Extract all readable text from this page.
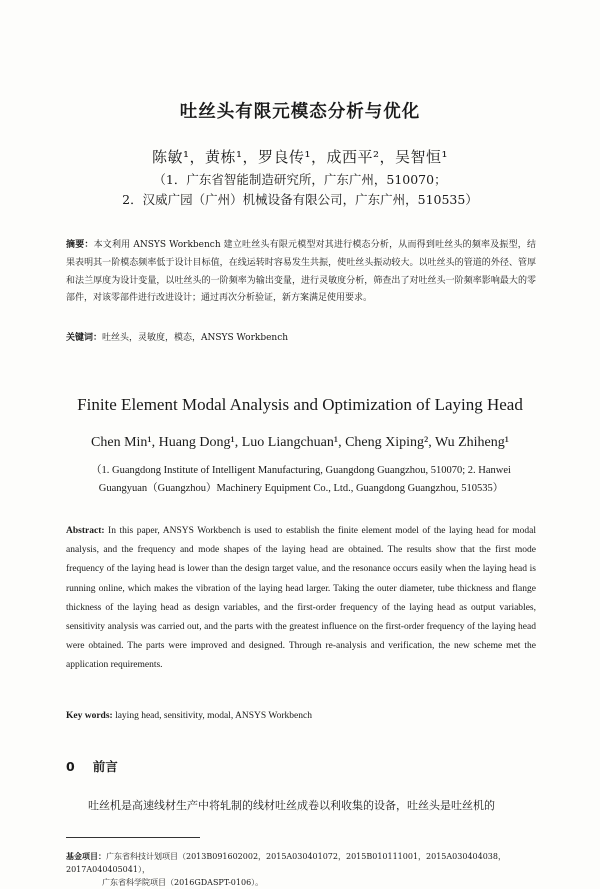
吐丝头有限元模态分析与优化
陈敏¹，黄栋¹，罗良传¹，成西平²，吴智恒¹
（1．广东省智能制造研究所，广东广州，510070；
2．汉威广园（广州）机械设备有限公司，广东广州，510535）
摘要：本文利用 ANSYS Workbench 建立吐丝头有限元模型对其进行模态分析，从而得到吐丝头的频率及振型，结果表明其一阶模态频率低于设计目标值，在线运转时容易发生共振，使吐丝头振动较大。以吐丝头的管道的外径、管厚和法兰厚度为设计变量，以吐丝头的一阶频率为输出变量，进行灵敏度分析，筛查出了对吐丝头一阶频率影响最大的零部件，对该零部件进行改进设计；通过再次分析验证，新方案满足使用要求。
关键词：吐丝头，灵敏度，模态，ANSYS Workbench
Finite Element Modal Analysis and Optimization of Laying Head
Chen Min¹, Huang Dong¹, Luo Liangchuan¹, Cheng Xiping², Wu Zhiheng¹
（1. Guangdong Institute of Intelligent Manufacturing, Guangdong Guangzhou, 510070; 2. Hanwei Guangyuan（Guangzhou）Machinery Equipment Co., Ltd., Guangdong Guangzhou, 510535）
Abstract: In this paper, ANSYS Workbench is used to establish the finite element model of the laying head for modal analysis, and the frequency and mode shapes of the laying head are obtained. The results show that the first mode frequency of the laying head is lower than the design target value, and the resonance occurs easily when the laying head is running online, which makes the vibration of the laying head larger. Taking the outer diameter, tube thickness and flange thickness of the laying head as design variables, and the first-order frequency of the laying head as output variables, sensitivity analysis was carried out, and the parts with the greatest influence on the first-order frequency of the laying head were obtained. The parts were improved and designed. Through re-analysis and verification, the new scheme met the application requirements.
Key words: laying head, sensitivity, modal, ANSYS Workbench
0 前言
吐丝机是高速线材生产中将轧制的线材吐丝成卷以利收集的设备，吐丝头是吐丝机的
基金项目：广东省科技计划项目（2013B091602002，2015A030401072，2015B010111001，2015A030404038，2017A040405041），
广东省科学院项目（2016GDASPT-0106）。
